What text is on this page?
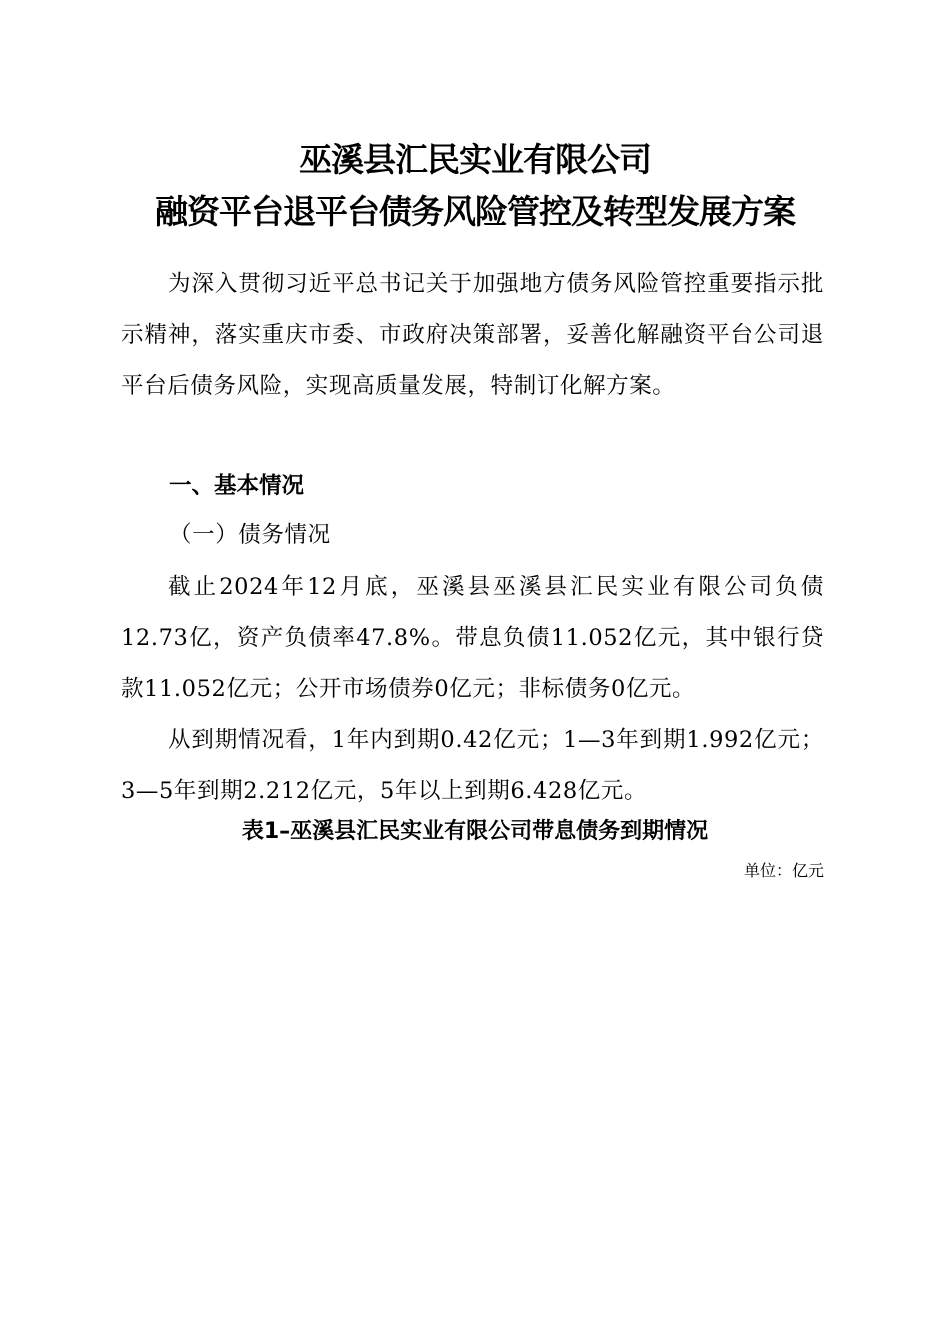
巫溪县汇民实业有限公司
融资平台退平台债务风险管控及转型发展方案
为深入贯彻习近平总书记关于加强地方债务风险管控重要指示批示精神，落实重庆市委、市政府决策部署，妥善化解融资平台公司退平台后债务风险，实现高质量发展，特制订化解方案。
一、基本情况
（一）债务情况
截止2024年12月底，巫溪县巫溪县汇民实业有限公司负债12.73亿，资产负债率47.8%。带息负债11.052亿元，其中银行贷款11.052亿元；公开市场债券0亿元；非标债务0亿元。
从到期情况看，1年内到期0.42亿元；1—3年到期1.992亿元；3—5年到期2.212亿元，5年以上到期6.428亿元。
表1–巫溪县汇民实业有限公司带息债务到期情况
单位：亿元
